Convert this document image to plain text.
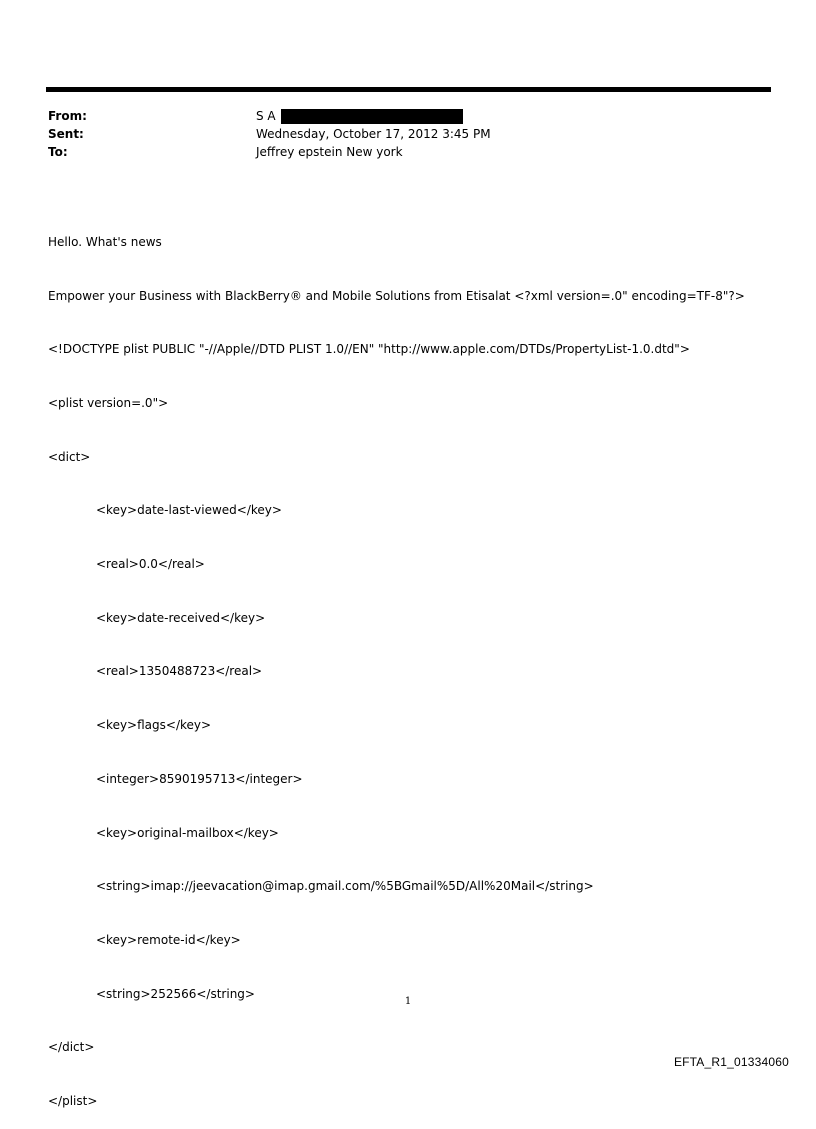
From:	S A
Sent:	Wednesday, October 17, 2012 3:45 PM
To:	Jeffrey epstein New york

Hello. What's news

Empower your Business with BlackBerry® and Mobile Solutions from Etisalat <?xml version=.0" encoding=TF-8"?>

<!DOCTYPE plist PUBLIC "-//Apple//DTD PLIST 1.0//EN" "http://www.apple.com/DTDs/PropertyList-1.0.dtd">

<plist version=.0">

<dict>

<key>date-last-viewed</key>

<real>0.0</real>

<key>date-received</key>

<real>1350488723</real>

<key>flags</key>

<integer>8590195713</integer>

<key>original-mailbox</key>

<string>imap://jeevacation@imap.gmail.com/%5BGmail%5D/All%20Mail</string>

<key>remote-id</key>

<string>252566</string>

</dict>

</plist>

1
EFTA_R1_01334060
